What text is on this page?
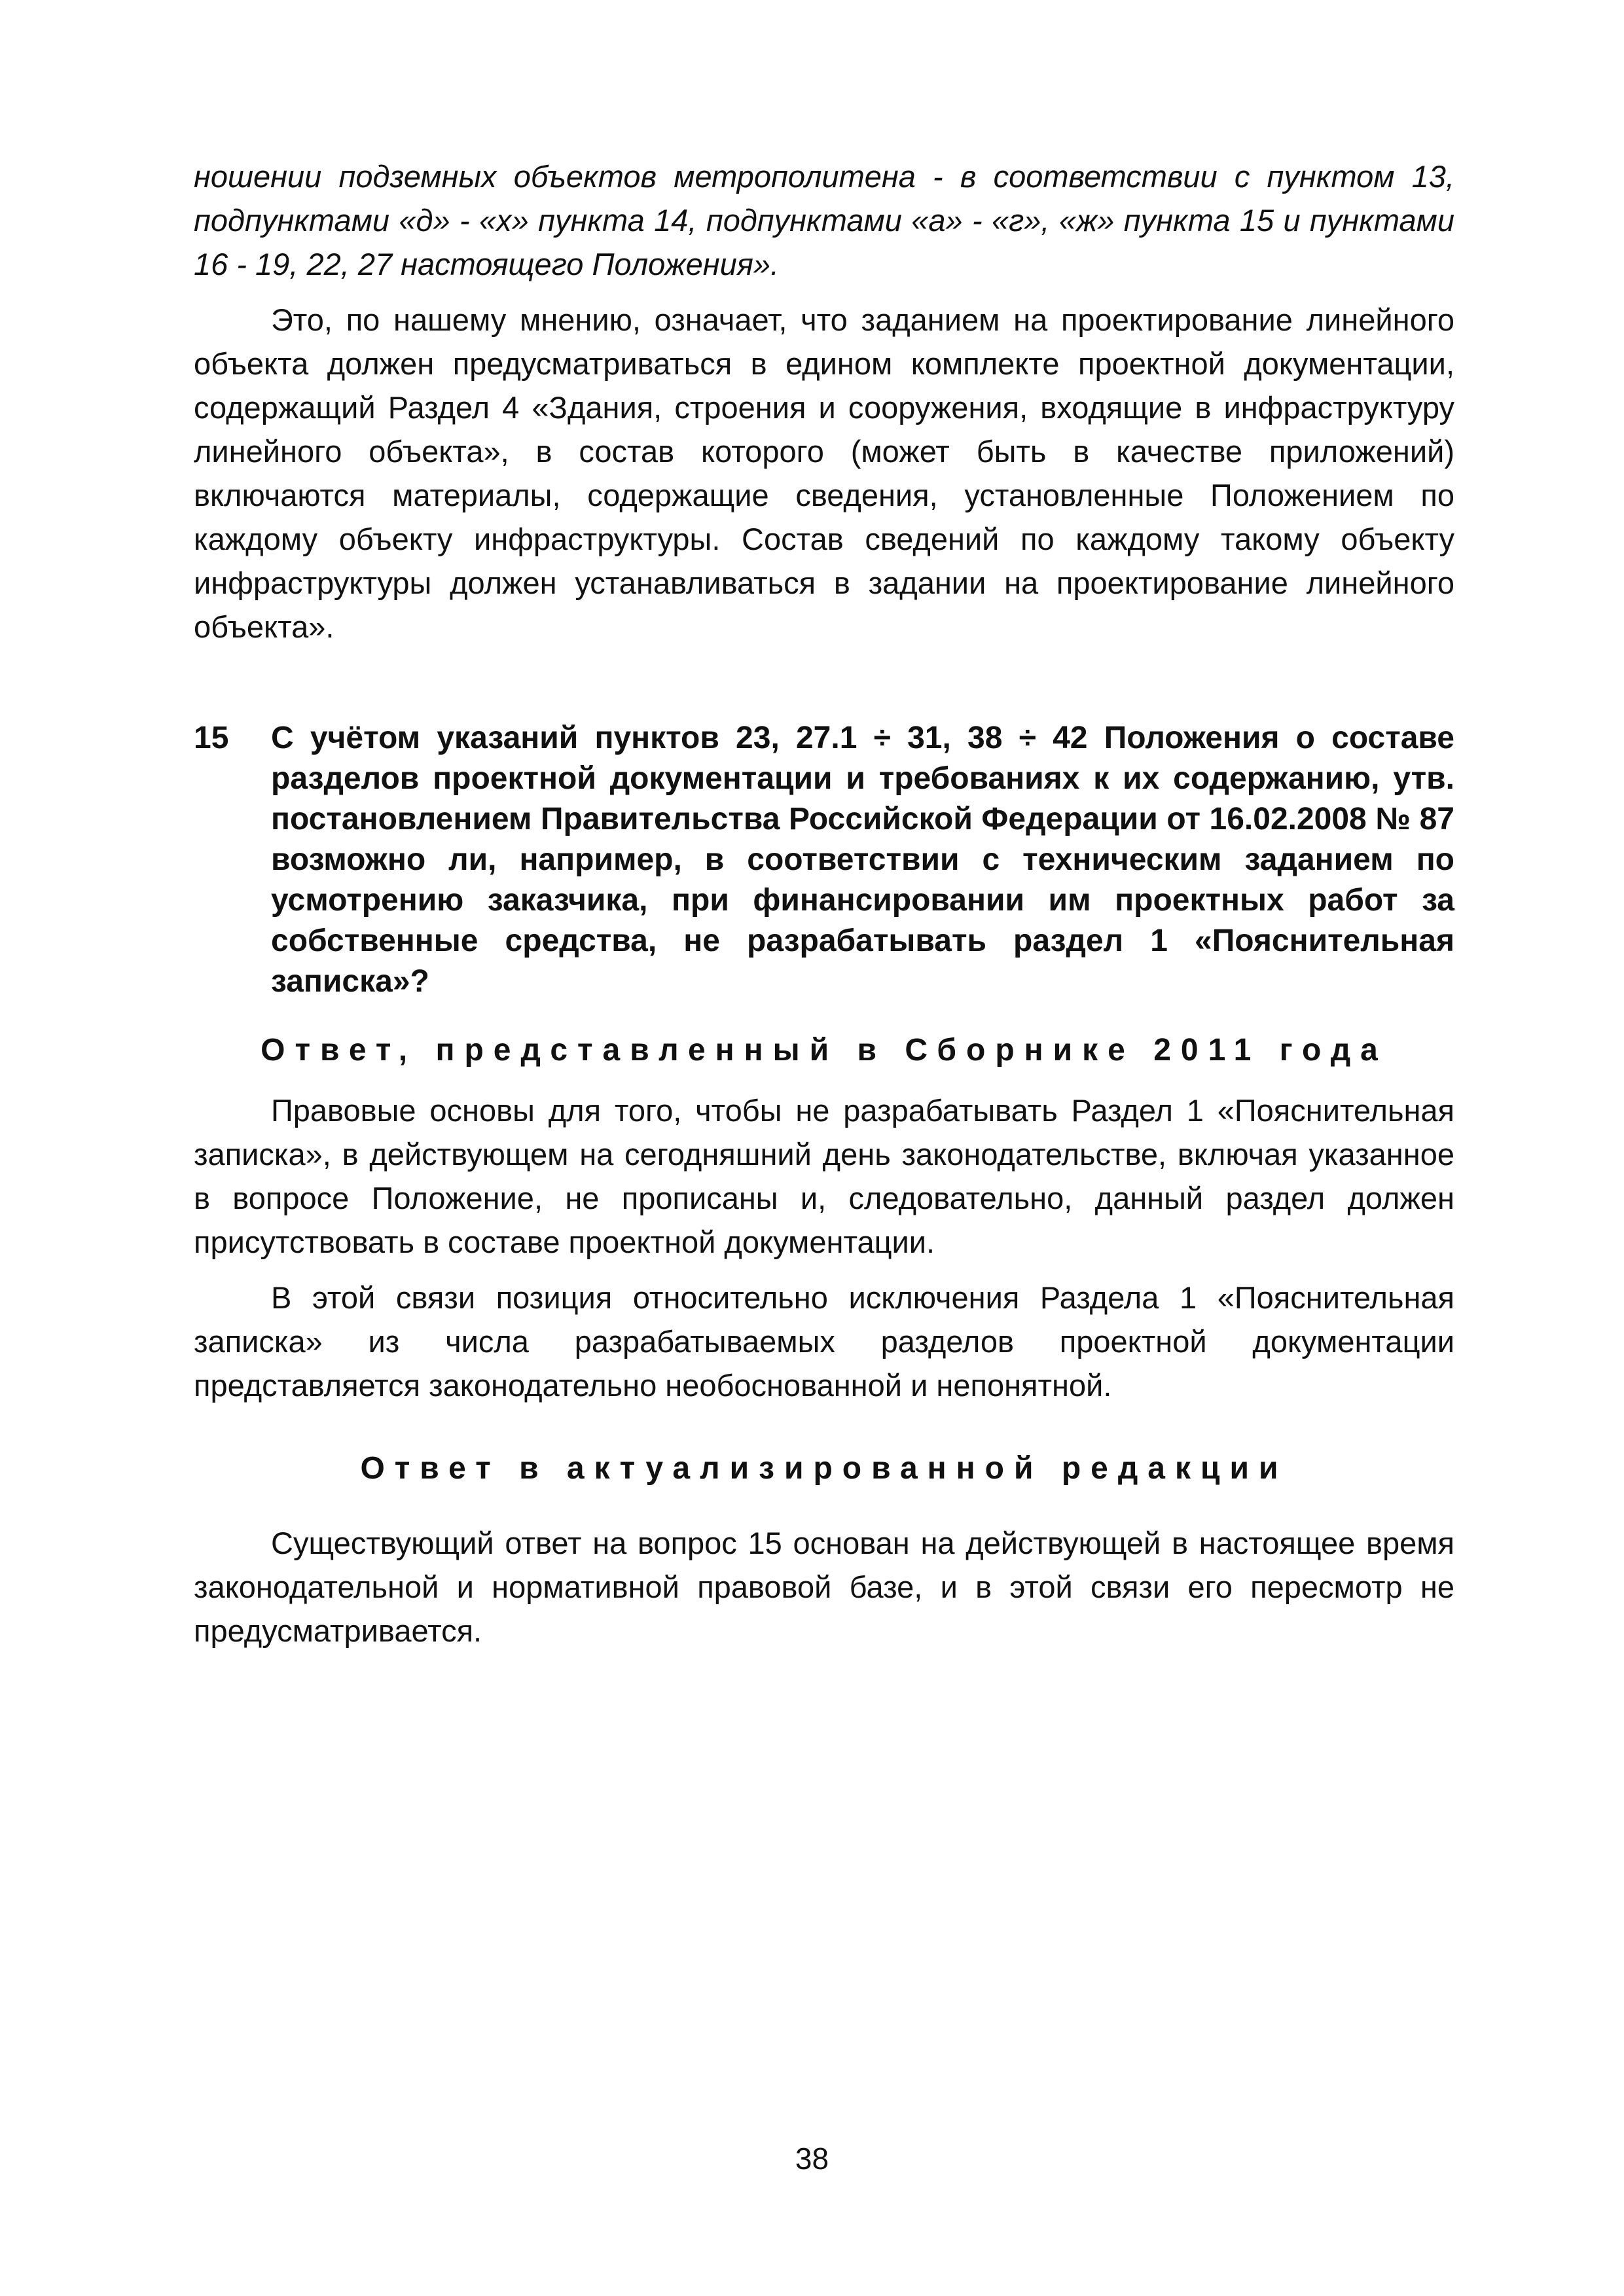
ношении подземных объектов метрополитена - в соответствии с пунктом 13, подпунктами «д» - «х» пункта 14, подпунктами «а» - «г», «ж» пункта 15 и пунктами 16 - 19, 22, 27 настоящего Положения».

Это, по нашему мнению, означает, что заданием на проектирование линейного объекта должен предусматриваться в едином комплекте проектной документации, содержащий Раздел 4 «Здания, строения и сооружения, входящие в инфраструктуру линейного объекта», в состав которого (может быть в качестве приложений) включаются материалы, содержащие сведения, установленные Положением по каждому объекту инфраструктуры. Состав сведений по каждому такому объекту инфраструктуры должен устанавливаться в задании на проектирование линейного объекта».

15	С учётом указаний пунктов 23, 27.1 ÷ 31, 38 ÷ 42 Положения о составе разделов проектной документации и требованиях к их содержанию, утв. постановлением Правительства Российской Федерации от 16.02.2008 № 87 возможно ли, например, в соответствии с техническим заданием по усмотрению заказчика, при финансировании им проектных работ за собственные средства, не разрабатывать раздел 1 «Пояснительная записка»?
Ответ, представленный в Сборнике 2011 года

Правовые основы для того, чтобы не разрабатывать Раздел 1 «Пояснительная записка», в действующем на сегодняшний день законодательстве, включая указанное в вопросе Положение, не прописаны и, следовательно, данный раздел должен присутствовать в составе проектной документации.

В этой связи позиция относительно исключения Раздела 1 «Пояснительная записка» из числа разрабатываемых разделов проектной документации представляется законодательно необоснованной и непонятной.

Ответ в актуализированной редакции

Существующий ответ на вопрос 15 основан на действующей в настоящее время законодательной и нормативной правовой базе, и в этой связи его пересмотр не предусматривается.

38
